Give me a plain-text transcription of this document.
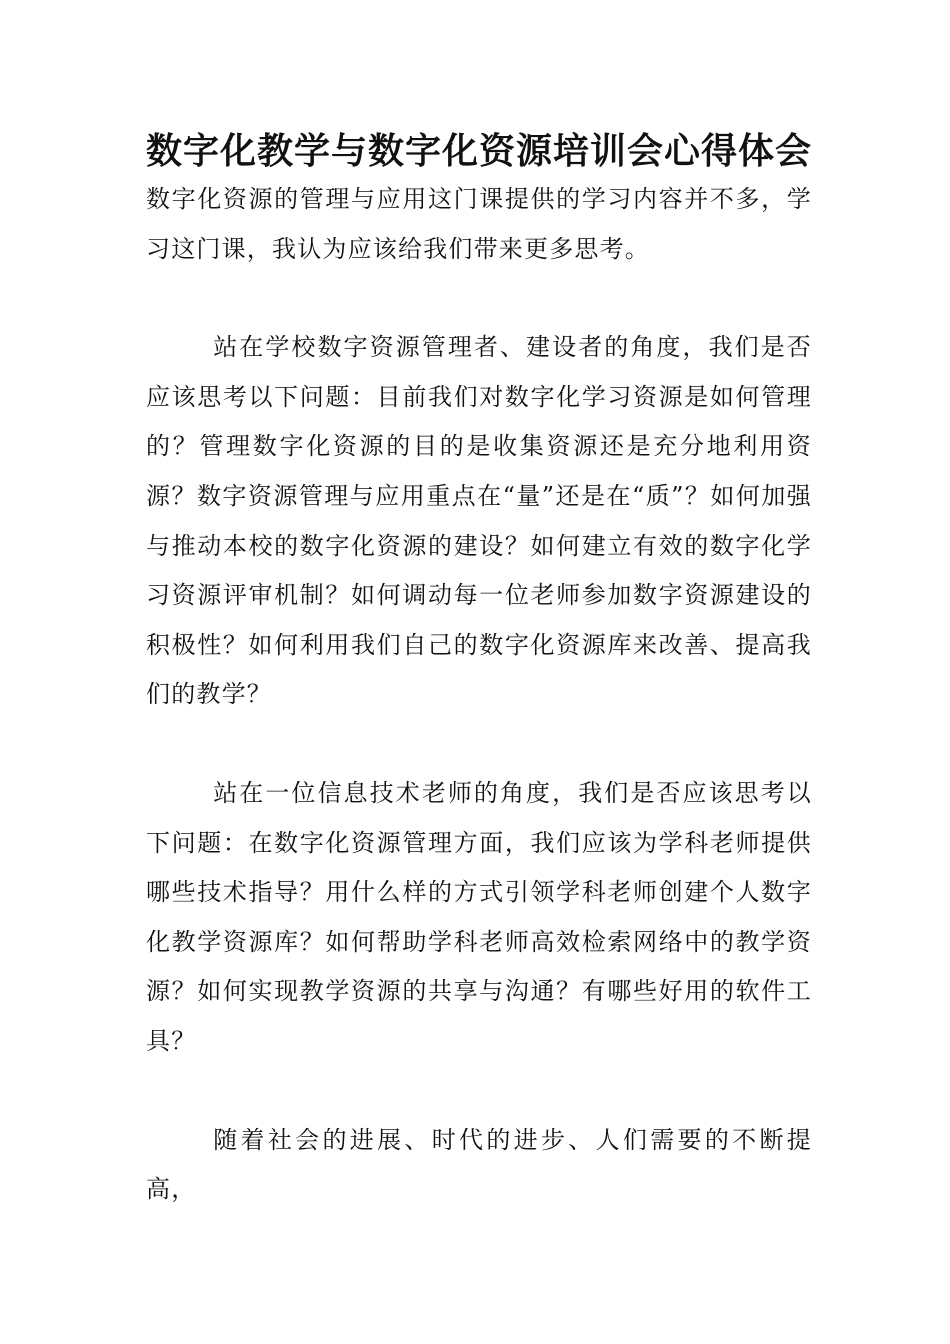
数字化教学与数字化资源培训会心得体会

数字化资源的管理与应用这门课提供的学习内容并不多，学习这门课，我认为应该给我们带来更多思考。

站在学校数字资源管理者、建设者的角度，我们是否应该思考以下问题：目前我们对数字化学习资源是如何管理的？管理数字化资源的目的是收集资源还是充分地利用资源？数字资源管理与应用重点在“量”还是在“质”？如何加强与推动本校的数字化资源的建设？如何建立有效的数字化学习资源评审机制？如何调动每一位老师参加数字资源建设的积极性？如何利用我们自己的数字化资源库来改善、提高我们的教学？

站在一位信息技术老师的角度，我们是否应该思考以下问题：在数字化资源管理方面，我们应该为学科老师提供哪些技术指导？用什么样的方式引领学科老师创建个人数字化教学资源库？如何帮助学科老师高效检索网络中的教学资源？如何实现教学资源的共享与沟通？有哪些好用的软件工具？

随着社会的进展、时代的进步、人们需要的不断提高，
